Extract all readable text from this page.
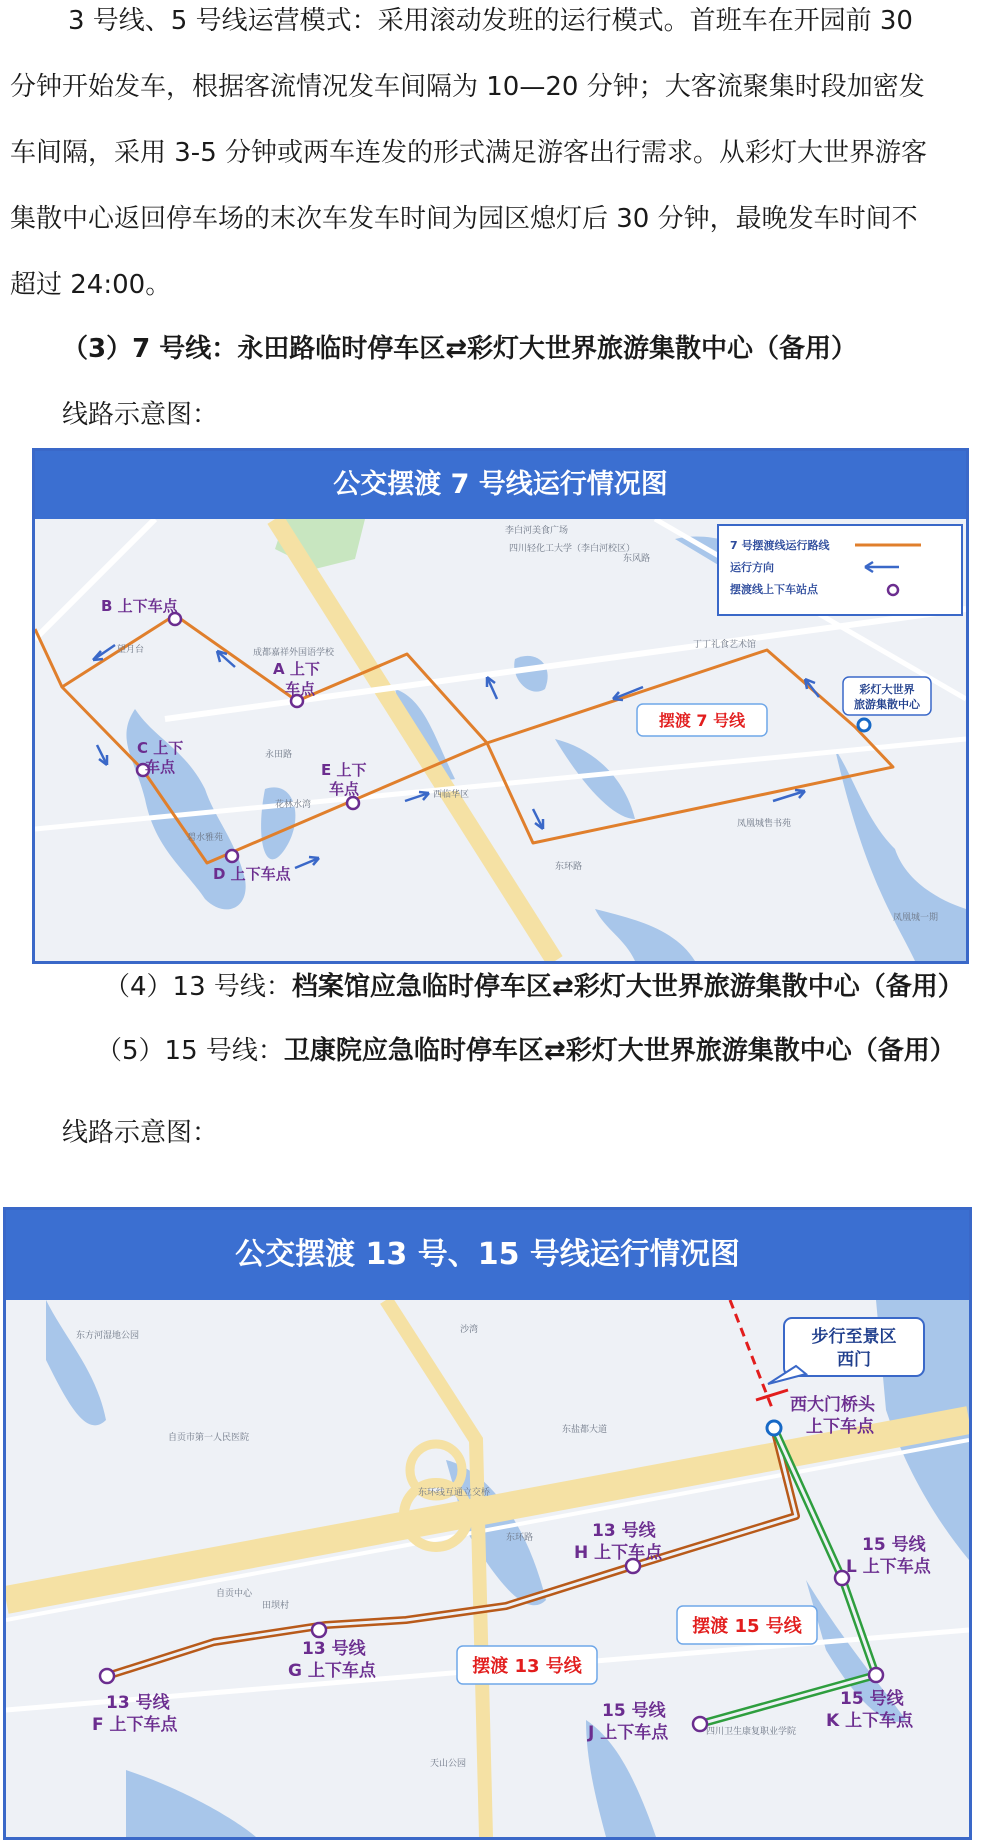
3 号线、5 号线运营模式：采用滚动发班的运行模式。首班车在开园前 30
分钟开始发车，根据客流情况发车间隔为 10—20 分钟；大客流聚集时段加密发
车间隔，采用 3-5 分钟或两车连发的形式满足游客出行需求。从彩灯大世界游客
集散中心返回停车场的末次车发车时间为园区熄灯后 30 分钟，最晚发车时间不
超过 24:00。

（3）7 号线：永田路临时停车区⇄彩灯大世界旅游集散中心（备用）

线路示意图：

公交摆渡 7 号线运行情况图
B 上下车点
A 上下
车点
C 上下
车点	E 上下
车点
D 上下车点
彩灯大世界
旅游集散中心
摆渡 7 号线
李白河美食广场
四川轻化工大学（李白河校区）
丁丁礼食艺术馆
凤凰城售书苑
凤凰城一期
东环路
东风路
永田路
望月台
花林水湾
碧水雅苑
西临华区
成都嘉祥外国语学校
7 号摆渡线运行路线
运行方向
摆渡线上下车站点

（4）13 号线：档案馆应急临时停车区⇄彩灯大世界旅游集散中心（备用）

（5）15 号线：卫康院应急临时停车区⇄彩灯大世界旅游集散中心（备用）

线路示意图：

公交摆渡 13 号、15 号线运行情况图
13 号线
F 上下车点
13 号线
G 上下车点
13 号线
H 上下车点
15 号线
J 上下车点
15 号线
K 上下车点
15 号线
L 上下车点
西大门桥头
上下车点
步行至景区
西门
摆渡 13 号线
摆渡 15 号线
东盐都大道
东环线互通立交桥
东环路
自贡市第一人民医院
四川卫生康复职业学院
东方河湿地公园
沙湾
天山公园
自贡中心
田坝村
